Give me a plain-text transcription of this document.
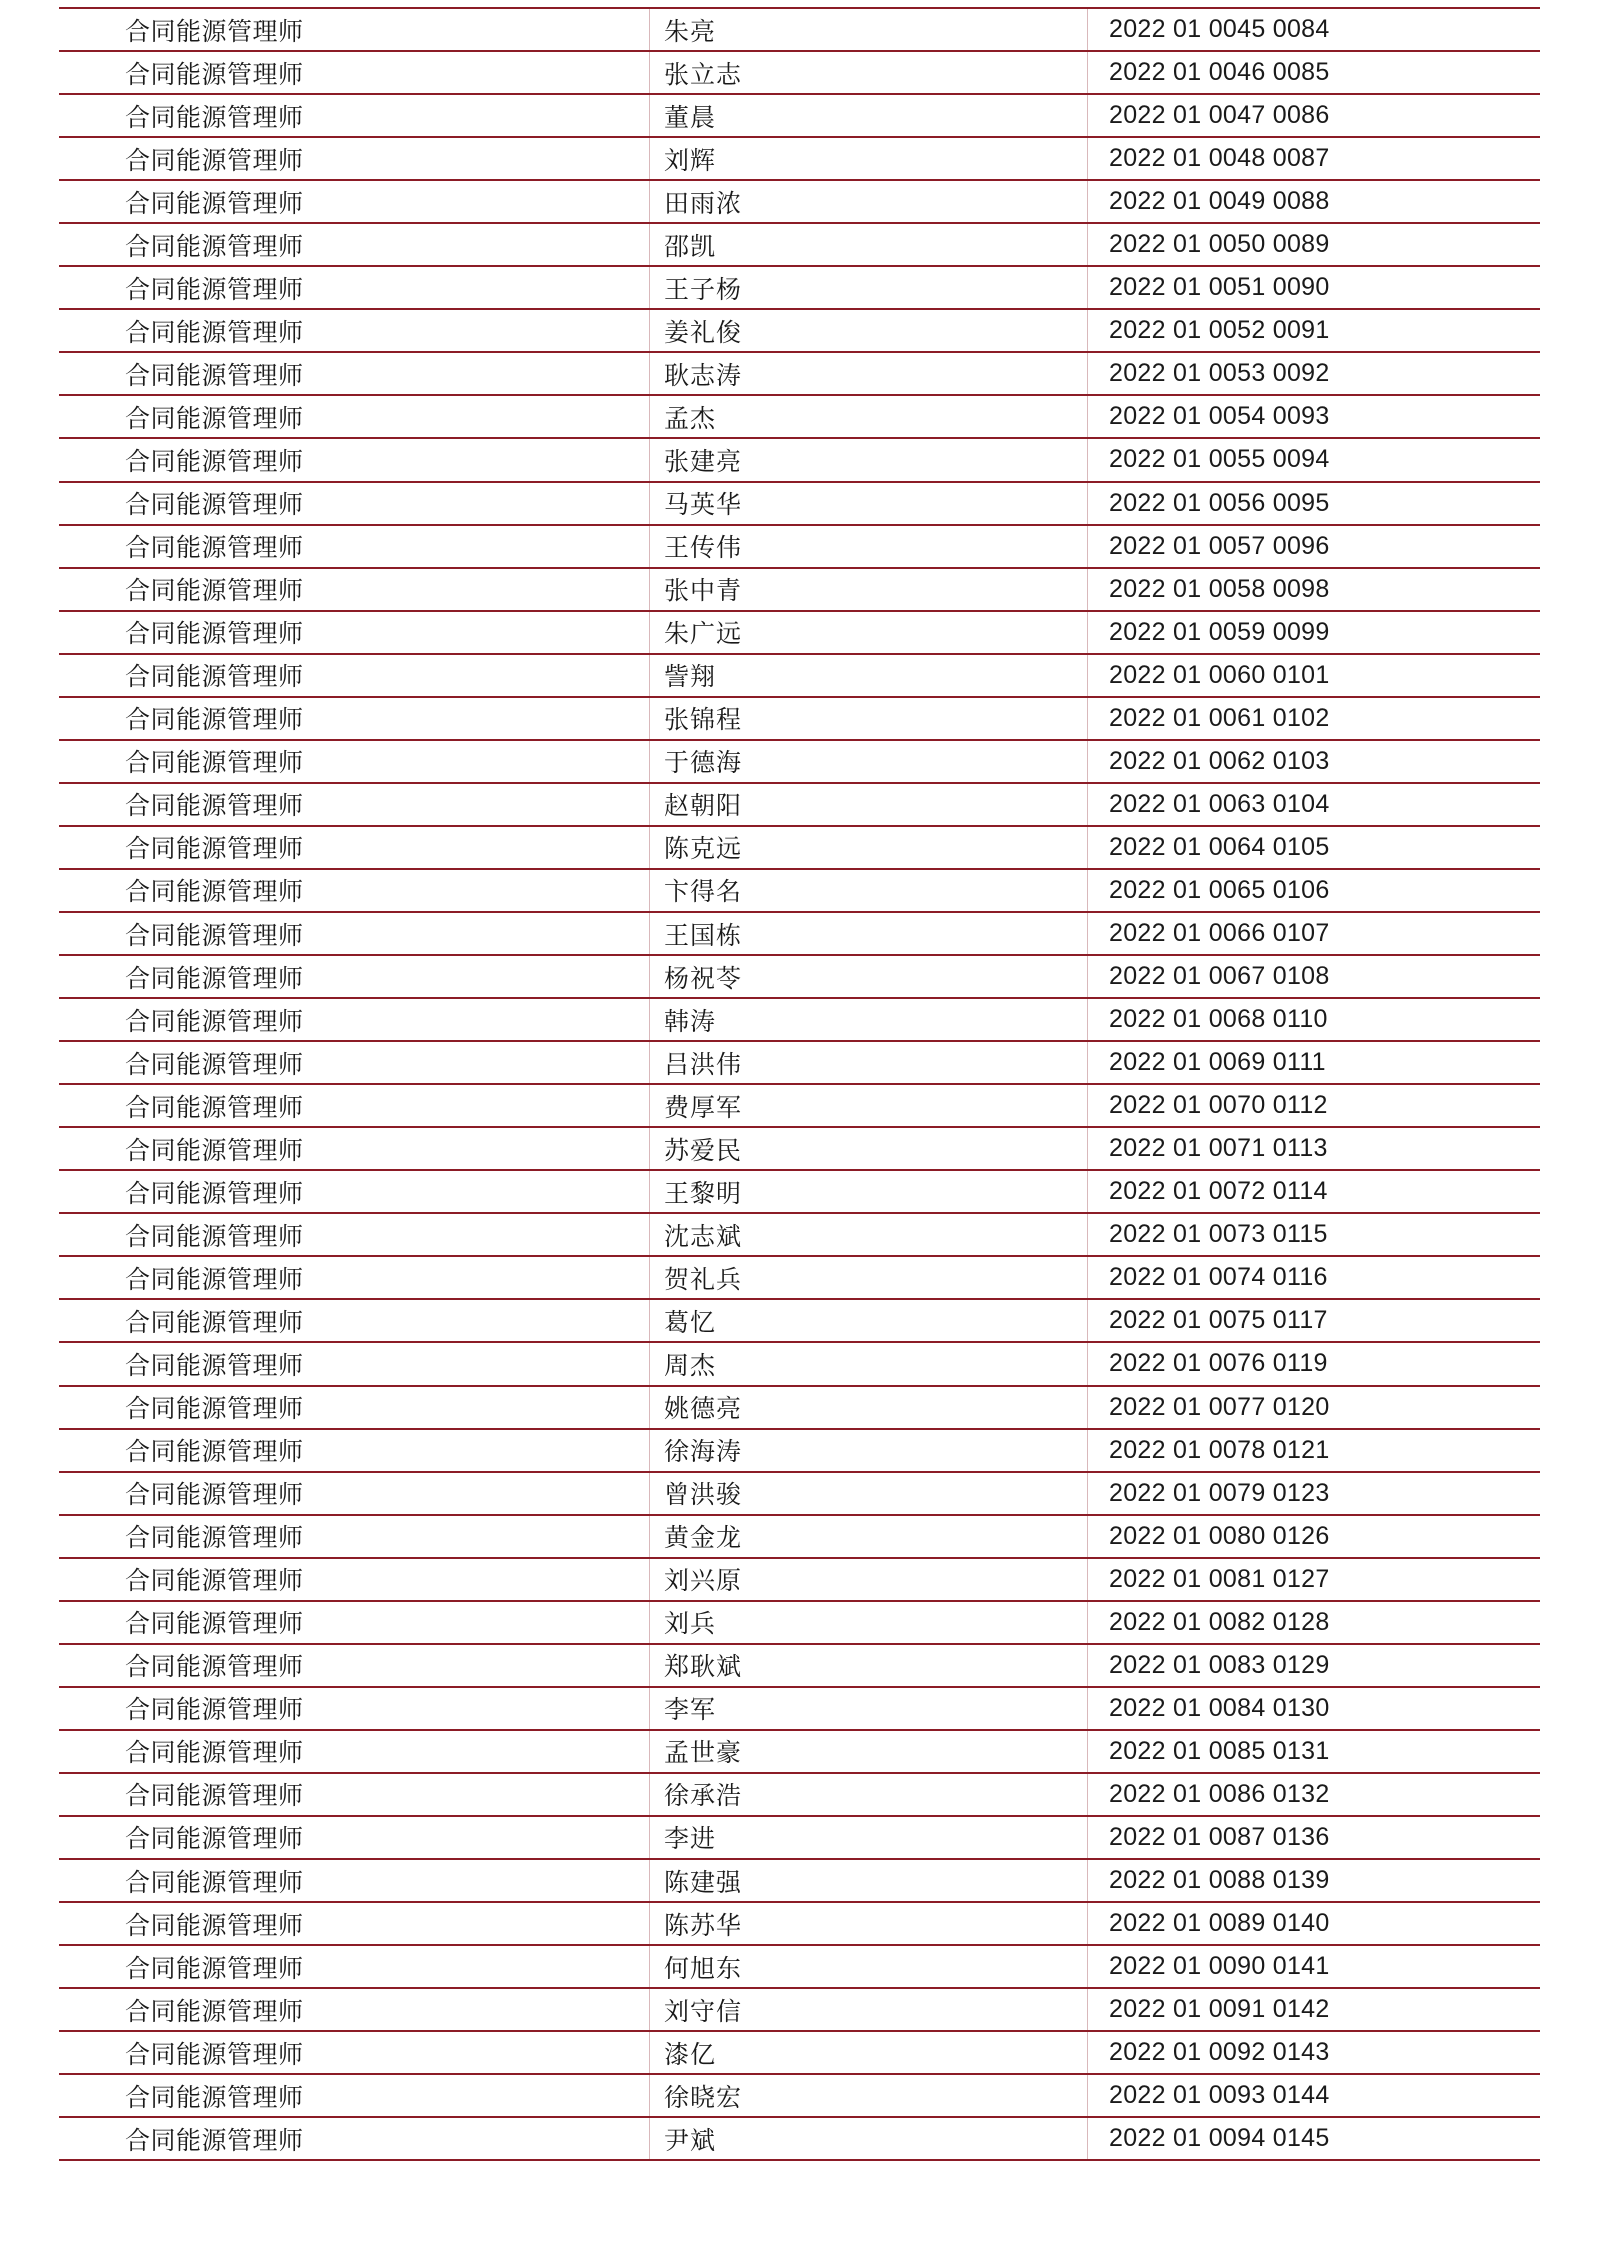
合同能源管理师	朱亮	2022 01 0045 0084
合同能源管理师	张立志	2022 01 0046 0085
合同能源管理师	董晨	2022 01 0047 0086
合同能源管理师	刘辉	2022 01 0048 0087
合同能源管理师	田雨浓	2022 01 0049 0088
合同能源管理师	邵凯	2022 01 0050 0089
合同能源管理师	王子杨	2022 01 0051 0090
合同能源管理师	姜礼俊	2022 01 0052 0091
合同能源管理师	耿志涛	2022 01 0053 0092
合同能源管理师	孟杰	2022 01 0054 0093
合同能源管理师	张建亮	2022 01 0055 0094
合同能源管理师	马英华	2022 01 0056 0095
合同能源管理师	王传伟	2022 01 0057 0096
合同能源管理师	张中青	2022 01 0058 0098
合同能源管理师	朱广远	2022 01 0059 0099
合同能源管理师	訾翔	2022 01 0060 0101
合同能源管理师	张锦程	2022 01 0061 0102
合同能源管理师	于德海	2022 01 0062 0103
合同能源管理师	赵朝阳	2022 01 0063 0104
合同能源管理师	陈克远	2022 01 0064 0105
合同能源管理师	卞得名	2022 01 0065 0106
合同能源管理师	王国栋	2022 01 0066 0107
合同能源管理师	杨祝苓	2022 01 0067 0108
合同能源管理师	韩涛	2022 01 0068 0110
合同能源管理师	吕洪伟	2022 01 0069 0111
合同能源管理师	费厚军	2022 01 0070 0112
合同能源管理师	苏爱民	2022 01 0071 0113
合同能源管理师	王黎明	2022 01 0072 0114
合同能源管理师	沈志斌	2022 01 0073 0115
合同能源管理师	贺礼兵	2022 01 0074 0116
合同能源管理师	葛忆	2022 01 0075 0117
合同能源管理师	周杰	2022 01 0076 0119
合同能源管理师	姚德亮	2022 01 0077 0120
合同能源管理师	徐海涛	2022 01 0078 0121
合同能源管理师	曾洪骏	2022 01 0079 0123
合同能源管理师	黄金龙	2022 01 0080 0126
合同能源管理师	刘兴原	2022 01 0081 0127
合同能源管理师	刘兵	2022 01 0082 0128
合同能源管理师	郑耿斌	2022 01 0083 0129
合同能源管理师	李军	2022 01 0084 0130
合同能源管理师	孟世豪	2022 01 0085 0131
合同能源管理师	徐承浩	2022 01 0086 0132
合同能源管理师	李进	2022 01 0087 0136
合同能源管理师	陈建强	2022 01 0088 0139
合同能源管理师	陈苏华	2022 01 0089 0140
合同能源管理师	何旭东	2022 01 0090 0141
合同能源管理师	刘守信	2022 01 0091 0142
合同能源管理师	漆亿	2022 01 0092 0143
合同能源管理师	徐晓宏	2022 01 0093 0144
合同能源管理师	尹斌	2022 01 0094 0145
